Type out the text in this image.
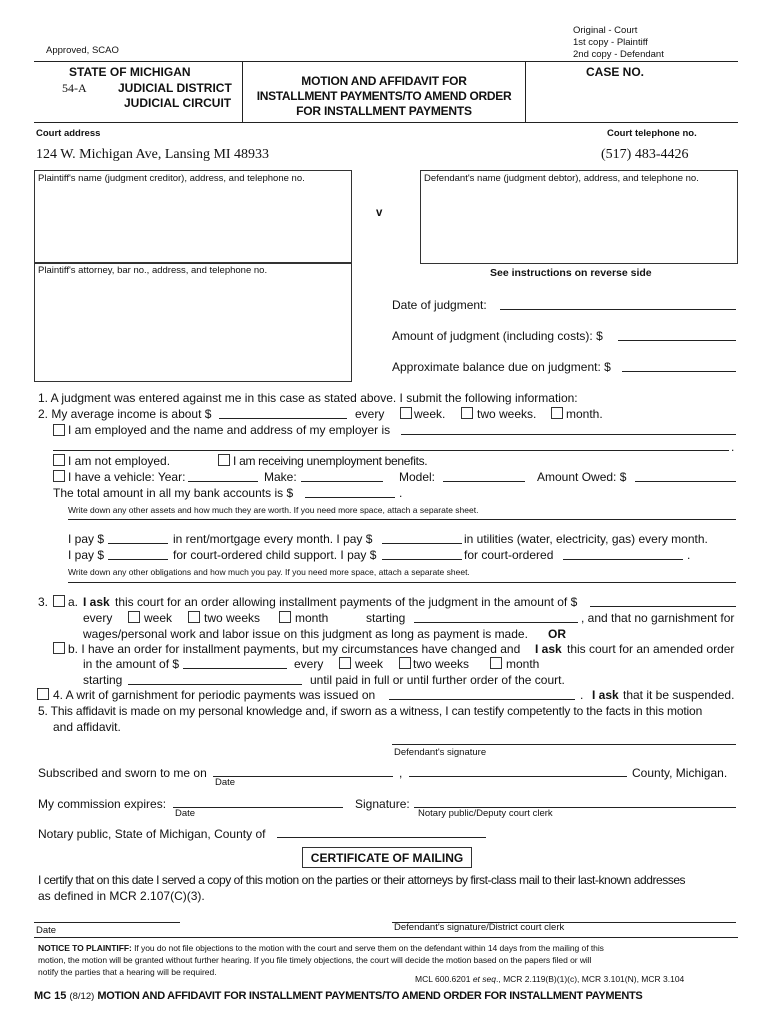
Approved, SCAO
Original - Court
1st copy - Plaintiff
2nd copy - Defendant
STATE OF MICHIGAN
54-A	JUDICIAL DISTRICT
JUDICIAL CIRCUIT
MOTION AND AFFIDAVIT FOR
INSTALLMENT PAYMENTS/TO AMEND ORDER
FOR INSTALLMENT PAYMENTS
CASE NO.
Court address	Court telephone no.
124 W. Michigan Ave, Lansing MI 48933	(517) 483-4426
Plaintiff's name (judgment creditor), address, and telephone no.	Defendant's name (judgment debtor), address, and telephone no.
v
Plaintiff's attorney, bar no., address, and telephone no.	See instructions on reverse side
Date of judgment:
Amount of judgment (including costs): $
Approximate balance due on judgment: $
1. A judgment was entered against me in this case as stated above. I submit the following information:
2. My average income is about $	every week.	two weeks. month.
I am employed and the name and address of my employer is
.
I am not employed.	I am receiving unemployment benefits.
I have a vehicle: Year:	Make:	Model:	Amount Owed: $
The total amount in all my bank accounts is $	.
Write down any other assets and how much they are worth. If you need more space, attach a separate sheet.
I pay $	in rent/mortgage every month. I pay $	in utilities (water, electricity, gas) every month.
I pay $	for court-ordered child support. I pay $	for court-ordered	.
Write down any other obligations and how much you pay. If you need more space, attach a separate sheet.
3. a. I ask this court for an order allowing installment payments of the judgment in the amount of $
every	week	two weeks	month	starting	, and that no garnishment for
wages/personal work and labor issue on this judgment as long as payment is made. OR
b. I have an order for installment payments, but my circumstances have changed and I ask this court for an amended order
in the amount of $	every	week two weeks	month
starting	until paid in full or until further order of the court.
4. A writ of garnishment for periodic payments was issued on	. I ask that it be suspended.
5. This affidavit is made on my personal knowledge and, if sworn as a witness, I can testify competently to the facts in this motion
and affidavit.
Defendant's signature
Subscribed and sworn to me on
Date
,	County, Michigan.
My commission expires:
Date
Signature:
Notary public/Deputy court clerk
Notary public, State of Michigan, County of
CERTIFICATE OF MAILING
I certify that on this date I served a copy of this motion on the parties or their attorneys by first-class mail to their last-known addresses
as defined in MCR 2.107(C)(3).
Date	Defendant's signature/District court clerk
NOTICE TO PLAINTIFF: If you do not file objections to the motion with the court and serve them on the defendant within 14 days from the mailing of this
motion, the motion will be granted without further hearing. If you file timely objections, the court will decide the motion based on the papers filed or will
notify the parties that a hearing will be required.
MCL 600.6201 et seq., MCR 2.119(B)(1)(c), MCR 3.101(N), MCR 3.104
MC 15 (8/12) MOTION AND AFFIDAVIT FOR INSTALLMENT PAYMENTS/TO AMEND ORDER FOR INSTALLMENT PAYMENTS
